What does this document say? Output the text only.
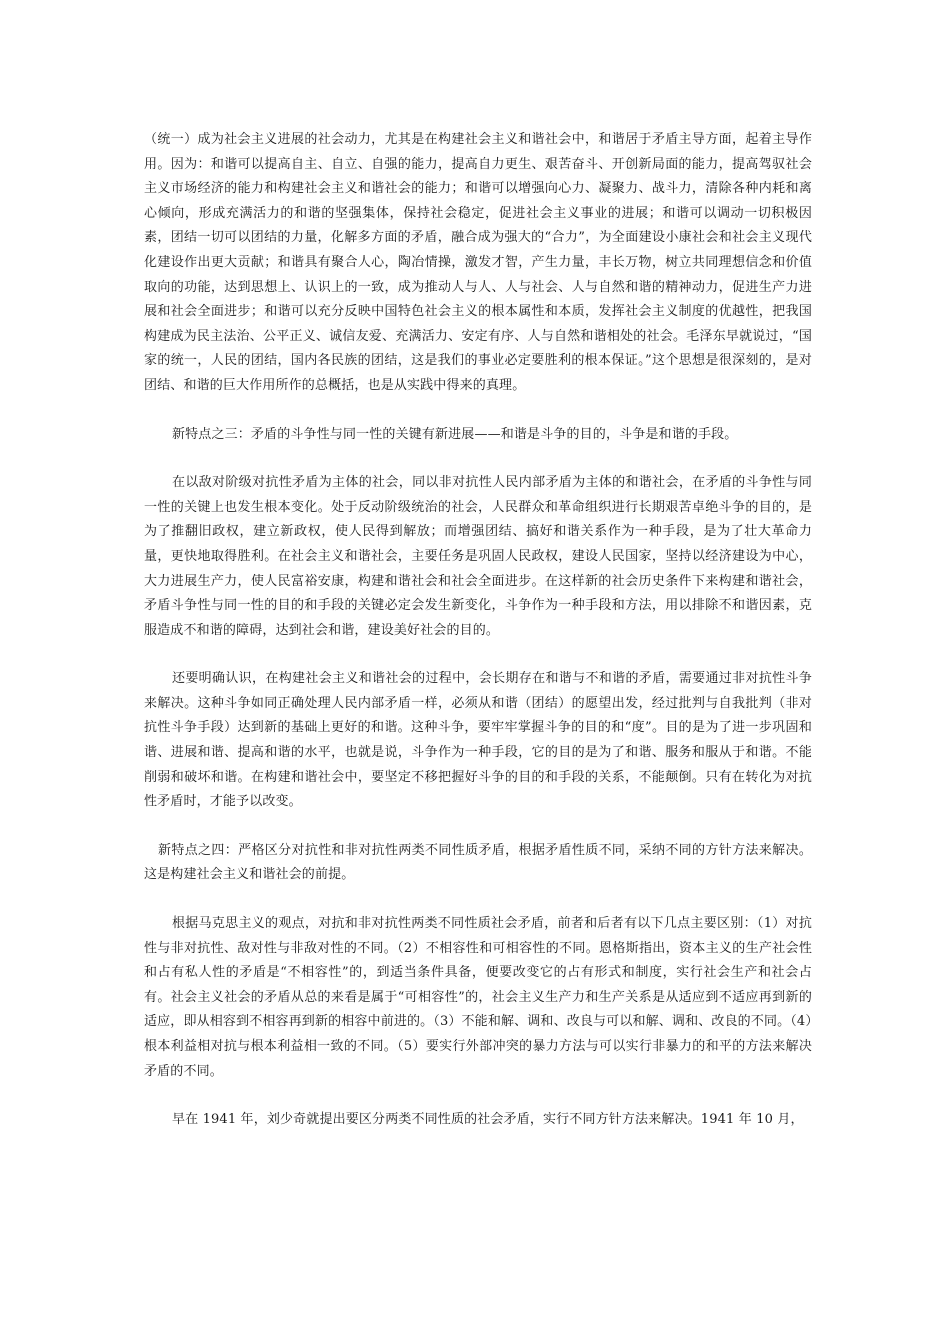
（统一）成为社会主义进展的社会动力，尤其是在构建社会主义和谐社会中，和谐居于矛盾主导方面，起着主导作用。因为：和谐可以提高自主、自立、自强的能力，提高自力更生、艰苦奋斗、开创新局面的能力，提高驾驭社会主义市场经济的能力和构建社会主义和谐社会的能力；和谐可以增强向心力、凝聚力、战斗力，清除各种内耗和离心倾向，形成充满活力的和谐的坚强集体，保持社会稳定，促进社会主义事业的进展；和谐可以调动一切积极因素，团结一切可以团结的力量，化解多方面的矛盾，融合成为强大的“合力”，为全面建设小康社会和社会主义现代化建设作出更大贡献；和谐具有聚合人心，陶冶情操，激发才智，产生力量，丰长万物，树立共同理想信念和价值取向的功能，达到思想上、认识上的一致，成为推动人与人、人与社会、人与自然和谐的精神动力，促进生产力进展和社会全面进步；和谐可以充分反映中国特色社会主义的根本属性和本质，发挥社会主义制度的优越性，把我国构建成为民主法治、公平正义、诚信友爱、充满活力、安定有序、人与自然和谐相处的社会。毛泽东早就说过，“国家的统一，人民的团结，国内各民族的团结，这是我们的事业必定要胜利的根本保证。”这个思想是很深刻的，是对团结、和谐的巨大作用所作的总概括，也是从实践中得来的真理。

新特点之三：矛盾的斗争性与同一性的关键有新进展——和谐是斗争的目的，斗争是和谐的手段。

在以敌对阶级对抗性矛盾为主体的社会，同以非对抗性人民内部矛盾为主体的和谐社会，在矛盾的斗争性与同一性的关键上也发生根本变化。处于反动阶级统治的社会，人民群众和革命组织进行长期艰苦卓绝斗争的目的，是为了推翻旧政权，建立新政权，使人民得到解放；而增强团结、搞好和谐关系作为一种手段，是为了壮大革命力量，更快地取得胜利。在社会主义和谐社会，主要任务是巩固人民政权，建设人民国家，坚持以经济建设为中心，大力进展生产力，使人民富裕安康，构建和谐社会和社会全面进步。在这样新的社会历史条件下来构建和谐社会，矛盾斗争性与同一性的目的和手段的关键必定会发生新变化，斗争作为一种手段和方法，用以排除不和谐因素，克服造成不和谐的障碍，达到社会和谐，建设美好社会的目的。

还要明确认识，在构建社会主义和谐社会的过程中，会长期存在和谐与不和谐的矛盾，需要通过非对抗性斗争来解决。这种斗争如同正确处理人民内部矛盾一样，必须从和谐（团结）的愿望出发，经过批判与自我批判（非对抗性斗争手段）达到新的基础上更好的和谐。这种斗争，要牢牢掌握斗争的目的和“度”。目的是为了进一步巩固和谐、进展和谐、提高和谐的水平，也就是说，斗争作为一种手段，它的目的是为了和谐、服务和服从于和谐。不能削弱和破坏和谐。在构建和谐社会中，要坚定不移把握好斗争的目的和手段的关系，不能颠倒。只有在转化为对抗性矛盾时，才能予以改变。

新特点之四：严格区分对抗性和非对抗性两类不同性质矛盾，根据矛盾性质不同，采纳不同的方针方法来解决。这是构建社会主义和谐社会的前提。

根据马克思主义的观点，对抗和非对抗性两类不同性质社会矛盾，前者和后者有以下几点主要区别：（1）对抗性与非对抗性、敌对性与非敌对性的不同。（2）不相容性和可相容性的不同。恩格斯指出，资本主义的生产社会性和占有私人性的矛盾是“不相容性”的，到适当条件具备，便要改变它的占有形式和制度，实行社会生产和社会占有。社会主义社会的矛盾从总的来看是属于“可相容性”的，社会主义生产力和生产关系是从适应到不适应再到新的适应，即从相容到不相容再到新的相容中前进的。（3）不能和解、调和、改良与可以和解、调和、改良的不同。（4）根本利益相对抗与根本利益相一致的不同。（5）要实行外部冲突的暴力方法与可以实行非暴力的和平的方法来解决矛盾的不同。

早在 1941 年，刘少奇就提出要区分两类不同性质的社会矛盾，实行不同方针方法来解决。1941 年 10 月，
